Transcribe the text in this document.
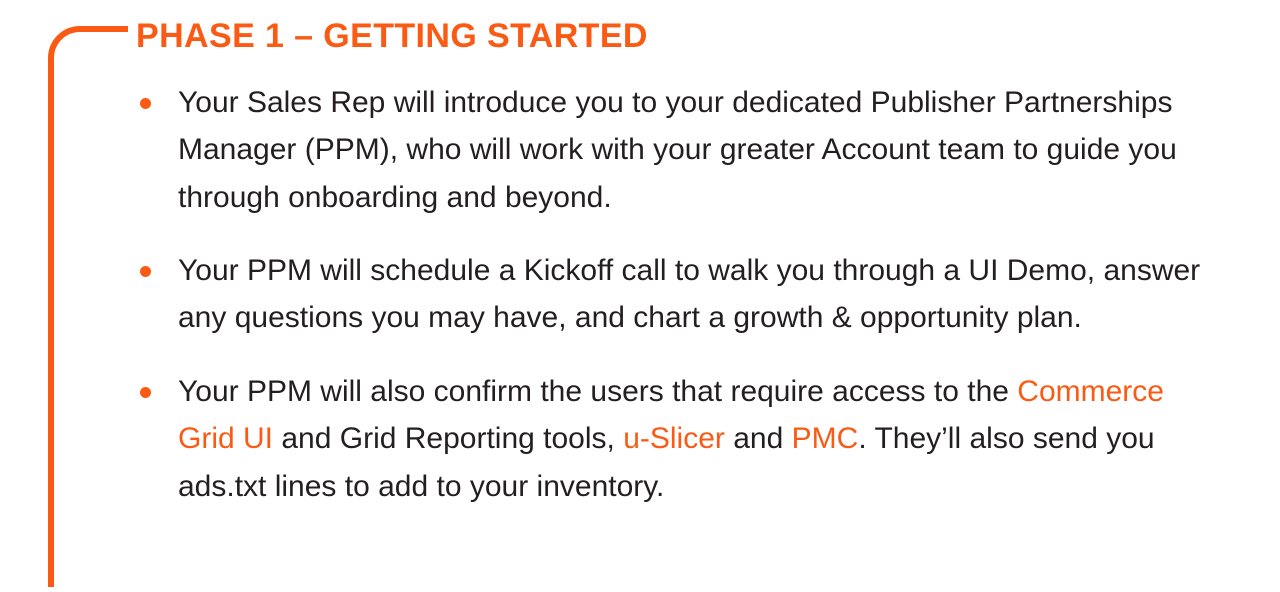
PHASE 1 – GETTING STARTED
Your Sales Rep will introduce you to your dedicated Publisher Partnerships Manager (PPM), who will work with your greater Account team to guide you through onboarding and beyond.
Your PPM will schedule a Kickoff call to walk you through a UI Demo, answer any questions you may have, and chart a growth & opportunity plan.
Your PPM will also confirm the users that require access to the Commerce Grid UI and Grid Reporting tools, u-Slicer and PMC. They’ll also send you ads.txt lines to add to your inventory.
